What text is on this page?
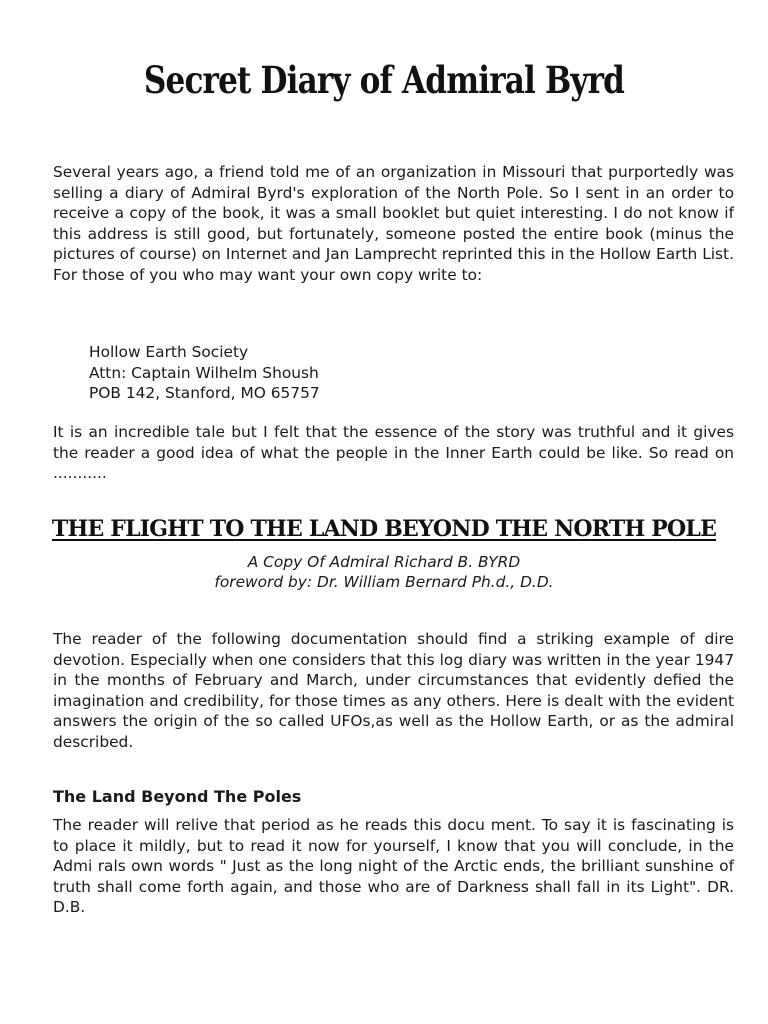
Secret Diary of Admiral Byrd

Several years ago, a friend told me of an organization in Missouri that purportedly was selling a diary of Admiral Byrd's exploration of the North Pole. So I sent in an order to receive a copy of the book, it was a small booklet but quiet interesting. I do not know if this address is still good, but fortunately, someone posted the entire book (minus the pictures of course) on Internet and Jan Lamprecht reprinted this in the Hollow Earth List. For those of you who may want your own copy write to:

Hollow Earth Society
Attn: Captain Wilhelm Shoush
POB 142, Stanford, MO 65757

It is an incredible tale but I felt that the essence of the story was truthful and it gives the reader a good idea of what the people in the Inner Earth could be like. So read on ...........

THE FLIGHT TO THE LAND BEYOND THE NORTH POLE
A Copy Of Admiral Richard B. BYRD
foreword by: Dr. William Bernard Ph.d., D.D.

The reader of the following documentation should find a striking example of dire devotion. Especially when one considers that this log diary was written in the year 1947 in the months of February and March, under circumstances that evidently defied the imagination and credibility, for those times as any others. Here is dealt with the evident answers the origin of the so called UFOs,as well as the Hollow Earth, or as the admiral described.

The Land Beyond The Poles

The reader will relive that period as he reads this docu ment. To say it is fascinating is to place it mildly, but to read it now for yourself, I know that you will conclude, in the Admi rals own words " Just as the long night of the Arctic ends, the brilliant sunshine of truth shall come forth again, and those who are of Darkness shall fall in its Light". DR. D.B.
